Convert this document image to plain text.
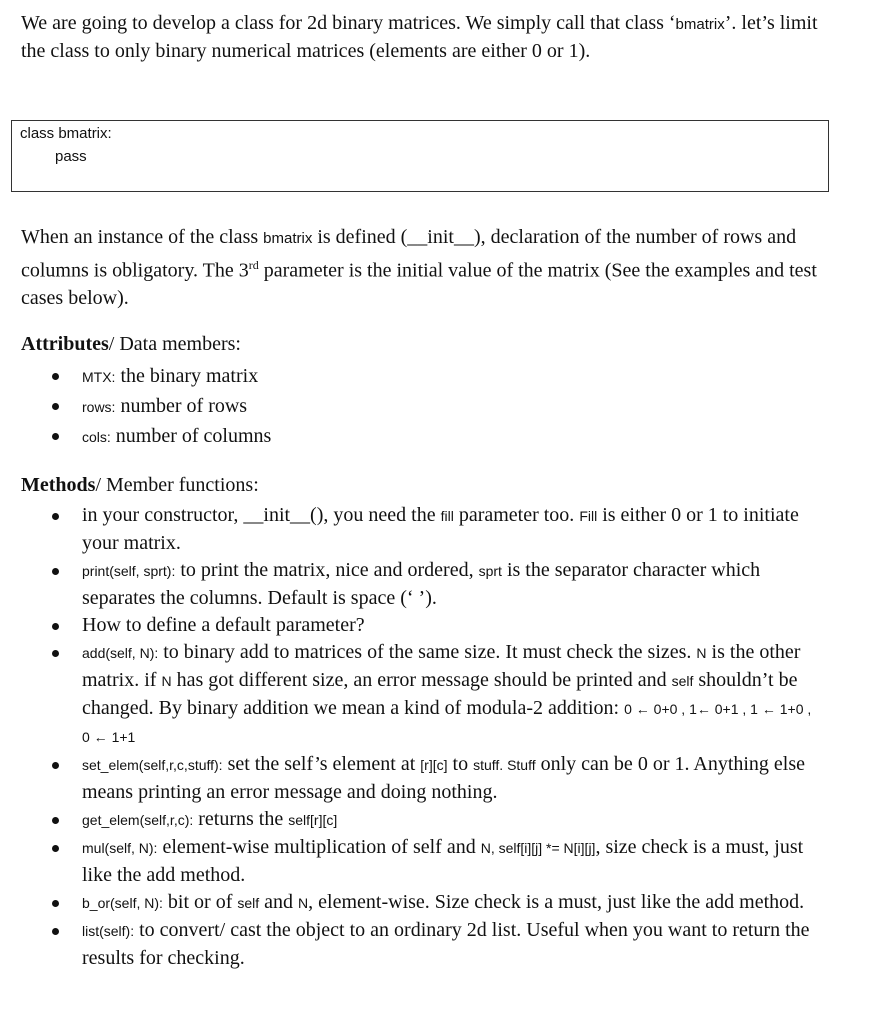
We are going to develop a class for 2d binary matrices. We simply call that class ‘bmatrix’. let’s limit the class to only binary numerical matrices (elements are either 0 or 1).
class bmatrix:
pass
When an instance of the class bmatrix is defined (__init__), declaration of the number of rows and columns is obligatory. The 3rd parameter is the initial value of the matrix (See the examples and test cases below).
Attributes/ Data members:
MTX: the binary matrix
rows: number of rows
cols: number of columns
Methods/ Member functions:
in your constructor, __init__(), you need the fill parameter too. Fill is either 0 or 1 to initiate your matrix.
print(self, sprt): to print the matrix, nice and ordered, sprt is the separator character which separates the columns. Default is space (‘ ’).
How to define a default parameter?
add(self, N): to binary add to matrices of the same size. It must check the sizes. N is the other matrix. if N has got different size, an error message should be printed and self shouldn’t be changed. By binary addition we mean a kind of modula-2 addition: 0 ← 0+0 , 1← 0+1 , 1 ← 1+0 , 0 ← 1+1
set_elem(self,r,c,stuff): set the self’s element at [r][c] to stuff. Stuff only can be 0 or 1. Anything else means printing an error message and doing nothing.
get_elem(self,r,c): returns the self[r][c]
mul(self, N): element-wise multiplication of self and N, self[i][j] *= N[i][j], size check is a must, just like the add method.
b_or(self, N): bit or of self and N, element-wise. Size check is a must, just like the add method.
list(self): to convert/ cast the object to an ordinary 2d list. Useful when you want to return the results for checking.
